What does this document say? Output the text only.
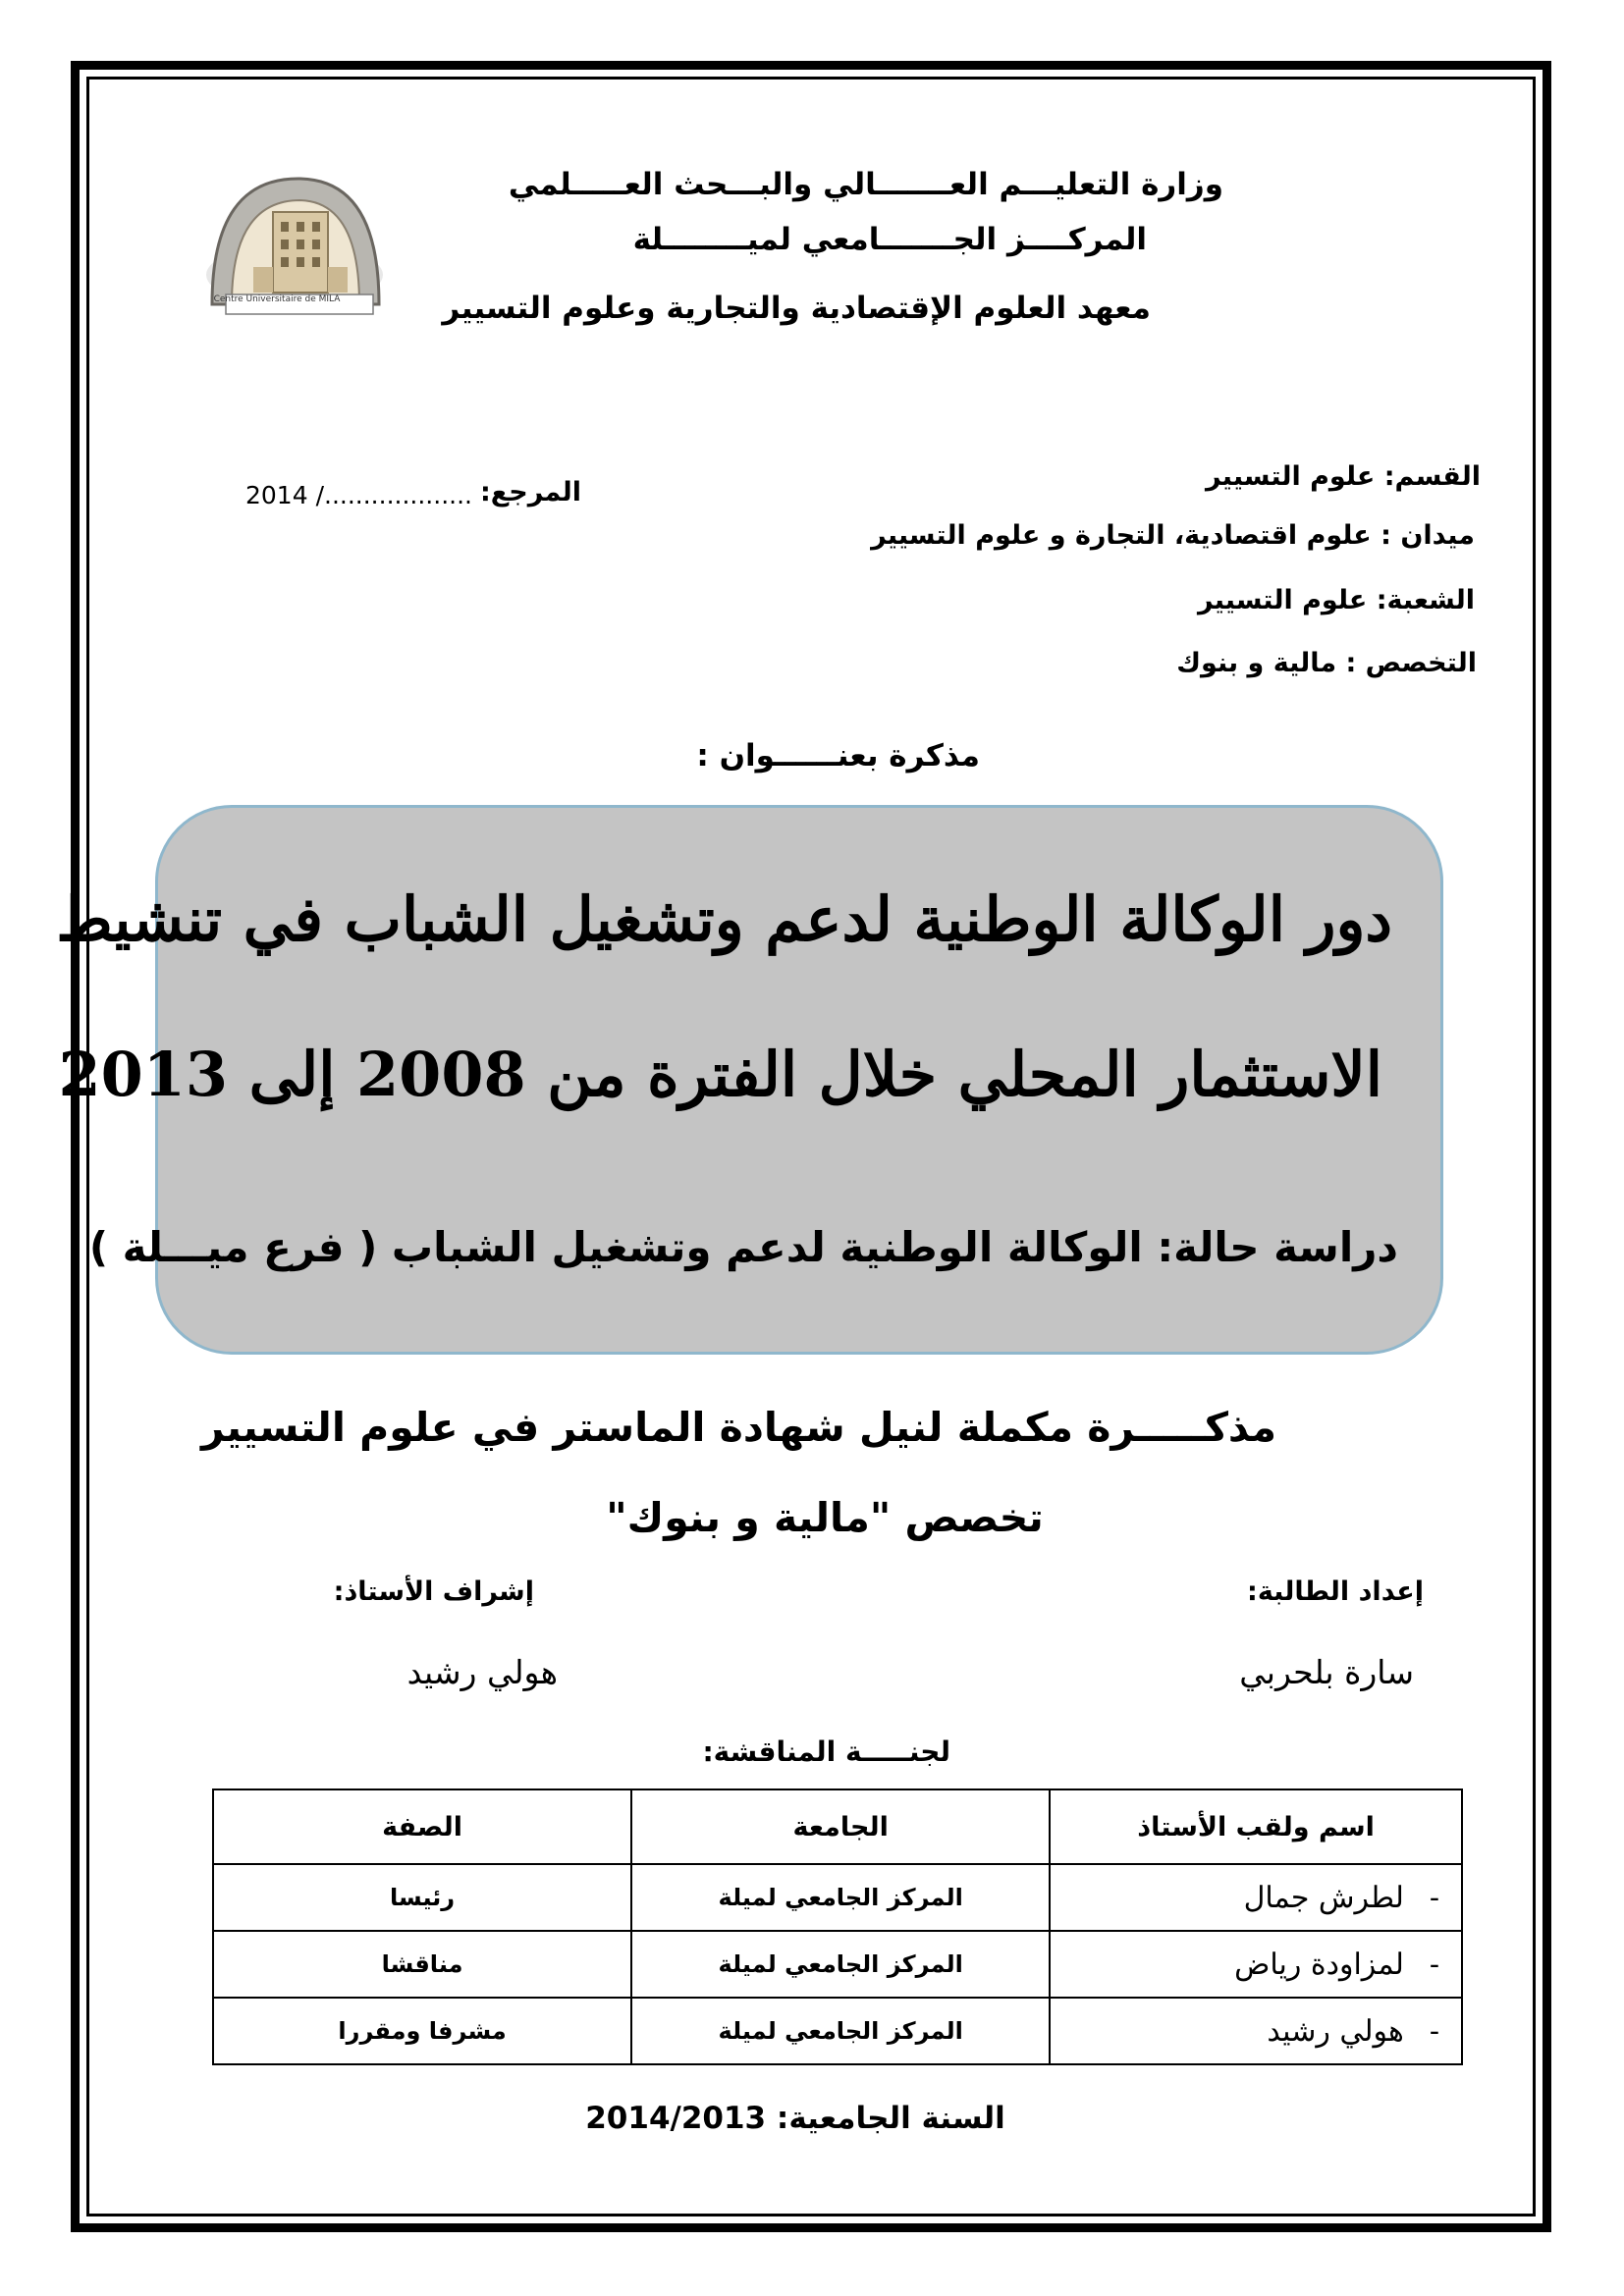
Centre Universitaire de MILA
وزارة التعليـــم العـــــــالي والبـــحث العـــــلمي
المركــــز الجـــــــامعي لميــــــــلة
معهد العلوم الإقتصادية والتجارية وعلوم التسيير
القسم: علوم التسيير
ميدان : علوم اقتصادية، التجارة و علوم التسيير
الشعبة: علوم التسيير
التخصص : مالية و بنوك
المرجع:
2014 /...................
مذكرة بعنــــــوان :
دور الوكالة الوطنية لدعم وتشغيل الشباب في تنشيط
الاستثمار المحلي خلال الفترة من 2008 إلى 2013
دراسة حالة: الوكالة الوطنية لدعم وتشغيل الشباب ( فرع ميـــلة )
مذكـــــرة مكملة لنيل شهادة الماستر في علوم التسيير
تخصص "مالية و بنوك"
إعداد الطالبة:
سارة بلحربي
إشراف الأستاذ:
هولي رشيد
لجنـــــة المناقشة:
اسم ولقب الأستاذ	الجامعة	الصفة
-لطرش جمال	المركز الجامعي لميلة	رئيسا
-لمزاودة رياض	المركز الجامعي لميلة	مناقشا
-هولي رشيد	المركز الجامعي لميلة	مشرفا ومقررا
السنة الجامعية: 2014/2013
